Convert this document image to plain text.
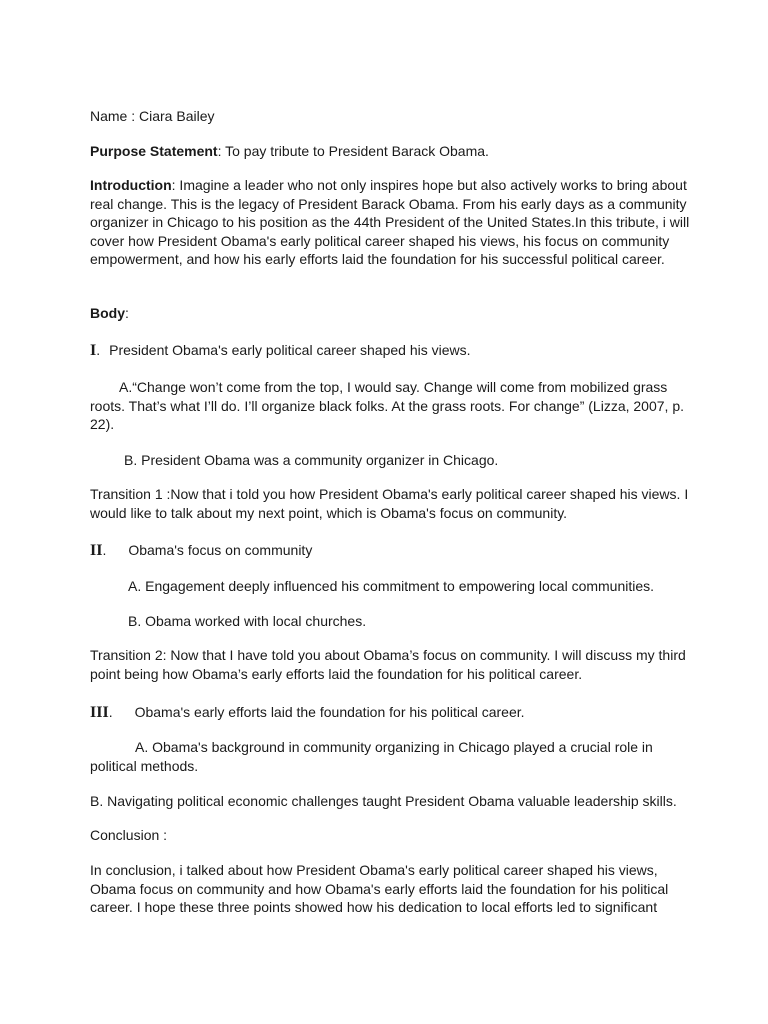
Name : Ciara Bailey

Purpose Statement: To pay tribute to President Barack Obama.

Introduction: Imagine a leader who not only inspires hope but also actively works to bring about real change. This is the legacy of President Barack Obama. From his early days as a community organizer in Chicago to his position as the 44th President of the United States.In this tribute, i will cover how President Obama's early political career shaped his views, his focus on community empowerment, and how his early efforts laid the foundation for his successful political career.

Body:

I. President Obama's early political career shaped his views.

A.“Change won’t come from the top, I would say. Change will come from mobilized grass roots. That’s what I’ll do. I’ll organize black folks. At the grass roots. For change” (Lizza, 2007, p. 22).

B. President Obama was a community organizer in Chicago.

Transition 1 :Now that i told you how President Obama's early political career shaped his views. I would like to talk about my next point, which is Obama's focus on community.

II. Obama's focus on community

A. Engagement deeply influenced his commitment to empowering local communities.

B. Obama worked with local churches.

Transition 2: Now that I have told you about Obama’s focus on community. I will discuss my third point being how Obama’s early efforts laid the foundation for his political career.

III. Obama's early efforts laid the foundation for his political career.

A. Obama's background in community organizing in Chicago played a crucial role in political methods.

B. Navigating political economic challenges taught President Obama valuable leadership skills.

Conclusion :

In conclusion, i talked about how President Obama's early political career shaped his views, Obama focus on community and how Obama's early efforts laid the foundation for his political career. I hope these three points showed how his dedication to local efforts led to significant
